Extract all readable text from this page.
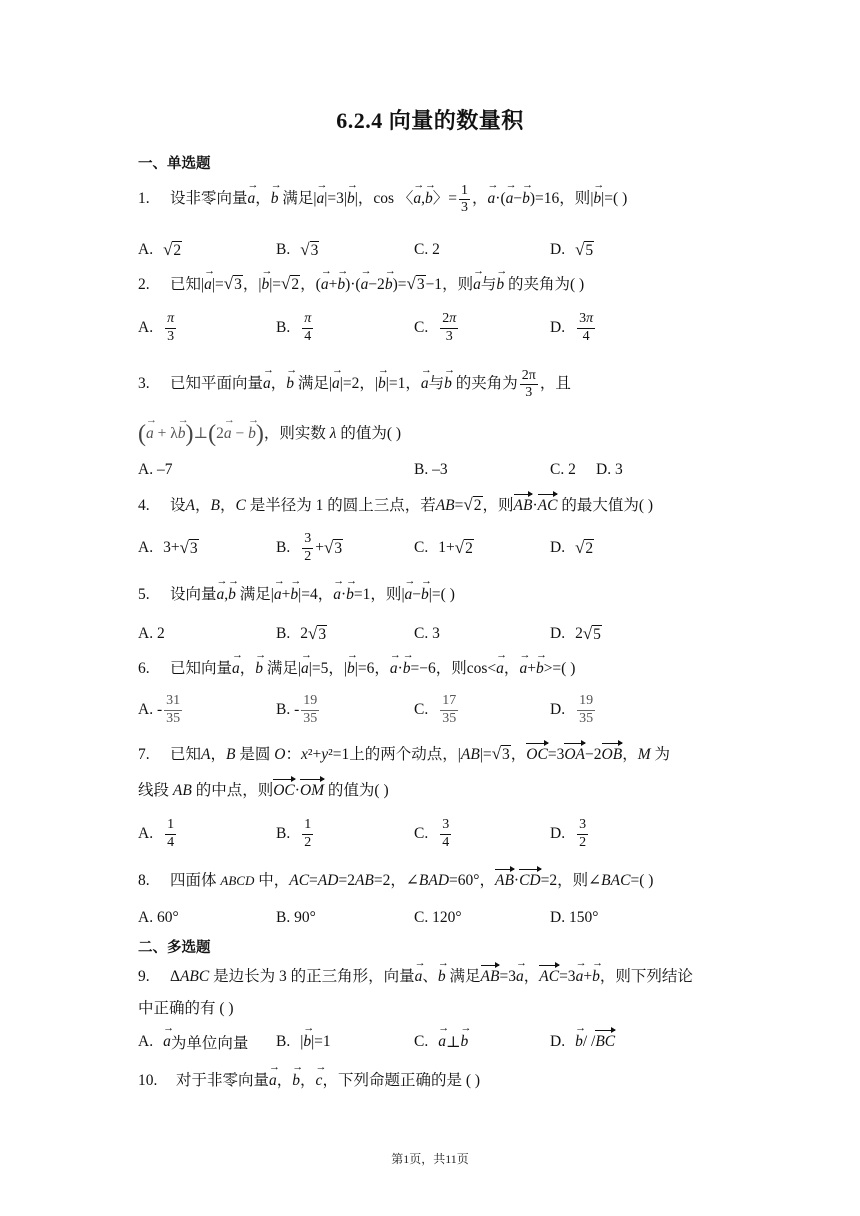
6.2.4 向量的数量积
一、单选题
1. 设非零向量→ a，→ b 满足|→ a|=3|→ b|，cos 〈→ a,→ b〉= $\frac{1}{3}$ ，→ a·(→ a−→ b)=16，则|→ b|=( )
A. √2	B. √3	C. 2	D. √5
2. 已知|→ a|=√3，|→ b|=√2，(→ a+→ b)·(→ a−2→ b)=√3−1，则→ a与→ b 的夹角为( )
A. $\frac{\pi}{3}$	B. $\frac{\pi}{4}$	C. $\frac{2\pi}{3}$	D. $\frac{3\pi}{4}$
3. 已知平面向量→ a，→ b 满足|→ a|=2，|→ b|=1，→ a与→ b 的夹角为 $\frac{2\pi}{3}$ ，且
(→ a + λ→ b)⊥(2→ a − → b)，则实数 λ 的值为( )
A. –7	B. –3	C. 2 D. 3
4. 设A，B，C 是半径为 1 的圆上三点，若AB=√2，则AB·AC 的最大值为( )
A. 3+ √3	B. $\frac{3}{2} + √3$	C. 1+ √2	D. √2
5. 设向量→ a,→ b 满足|→ a+→ b|=4，→ a·→ b=1，则|→ a−→ b|=( )
A. 2	B. 2 √3	C. 3	D. 2 √5
6. 已知向量→ a，→ b 满足|→ a|=5，|→ b|=6，→ a·→ b=−6，则cos<→ a，→ a+→ b>=( )
A. - $\frac{31}{35}$	B. - $\frac{19}{35}$	C. $\frac{17}{35}$	D. $\frac{19}{35}$
7. 已知A，B 是圆 O：x²+y²=1上的两个动点，|AB|=√3，OC=3OA−2OB，M 为
线段 AB 的中点，则OC·OM 的值为( )
A. $\frac{1}{4}$	B. $\frac{1}{2}$	C. $\frac{3}{4}$	D. $\frac{3}{2}$
8. 四面体 ABCD 中，AC=AD=2AB=2，∠BAD=60°，AB·CD=2，则∠BAC=( )
A. 60°	B. 90°	C. 120°	D. 150°
二、多选题
9. ΔABC 是边长为 3 的正三角形，向量→ a、→ b 满足AB=3→ a，AC=3→ a+→ b，则下列结论
中正确的有 ( )
A. → a 为单位向量 B. | → b |=1	C. → a ⊥ → b	D. → b / / BC
10. 对于非零向量→ a，→ b，→ c，下列命题正确的是 ( )
第1页，共11页
